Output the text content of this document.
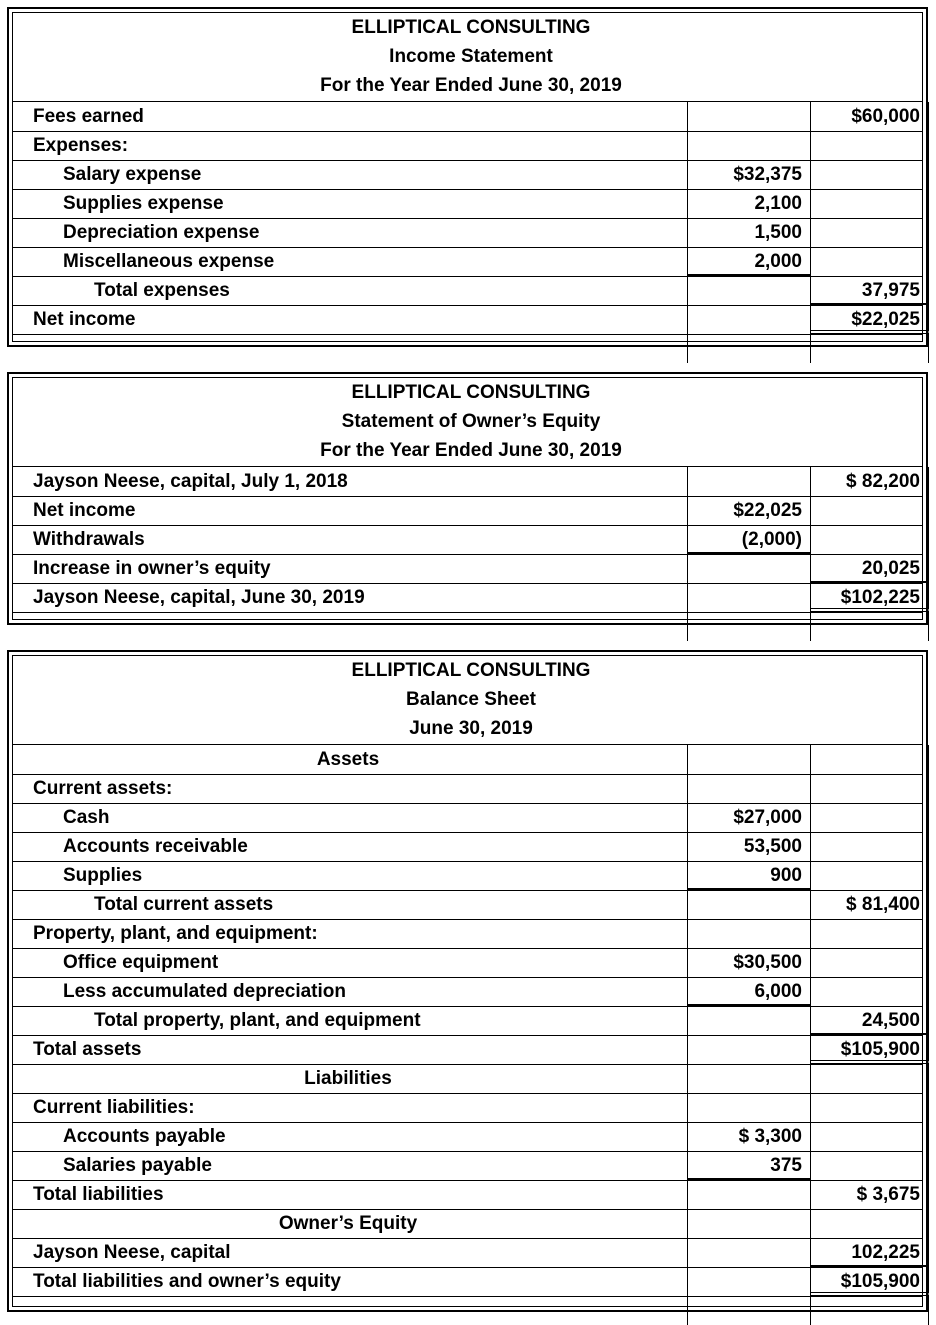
ELLIPTICAL CONSULTING
Income Statement
For the Year Ended June 30, 2019
Fees earned	$60,000
Expenses:
Salary expense	$32,375
Supplies expense	2,100
Depreciation expense	1,500
Miscellaneous expense	2,000
Total expenses	37,975
Net income	$22,025
ELLIPTICAL CONSULTING
Statement of Owner’s Equity
For the Year Ended June 30, 2019
Jayson Neese, capital, July 1, 2018	$ 82,200
Net income	$22,025
Withdrawals	(2,000)
Increase in owner’s equity	20,025
Jayson Neese, capital, June 30, 2019	$102,225
ELLIPTICAL CONSULTING
Balance Sheet
June 30, 2019
Assets
Current assets:
Cash	$27,000
Accounts receivable	53,500
Supplies	900
Total current assets	$ 81,400
Property, plant, and equipment:
Office equipment	$30,500
Less accumulated depreciation	6,000
Total property, plant, and equipment	24,500
Total assets	$105,900
Liabilities
Current liabilities:
Accounts payable	$ 3,300
Salaries payable	375
Total liabilities	$ 3,675
Owner’s Equity
Jayson Neese, capital	102,225
Total liabilities and owner’s equity	$105,900
